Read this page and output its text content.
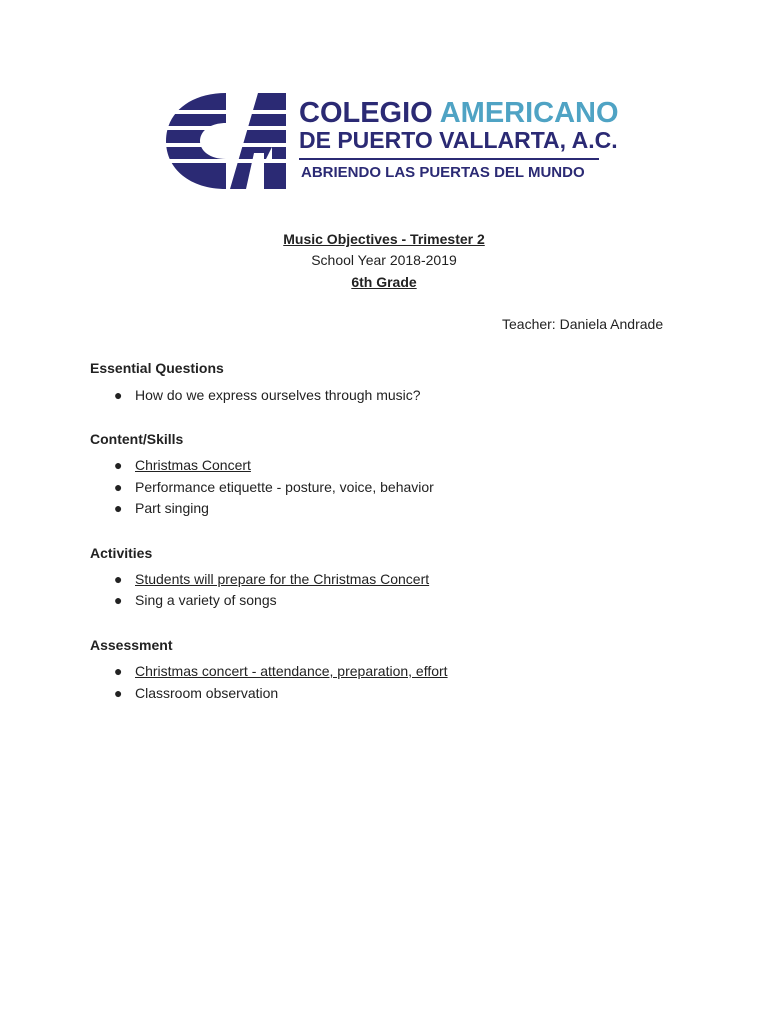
COLEGIO AMERICANO
DE PUERTO VALLARTA, A.C.
ABRIENDO LAS PUERTAS DEL MUNDO
Music Objectives - Trimester 2
School Year 2018-2019
6th Grade
Teacher: Daniela Andrade
Essential Questions
● How do we express ourselves through music?
Content/Skills
● Christmas Concert
● Performance etiquette - posture, voice, behavior
● Part singing
Activities
● Students will prepare for the Christmas Concert
● Sing a variety of songs
Assessment
● Christmas concert - attendance, preparation, effort
● Classroom observation
